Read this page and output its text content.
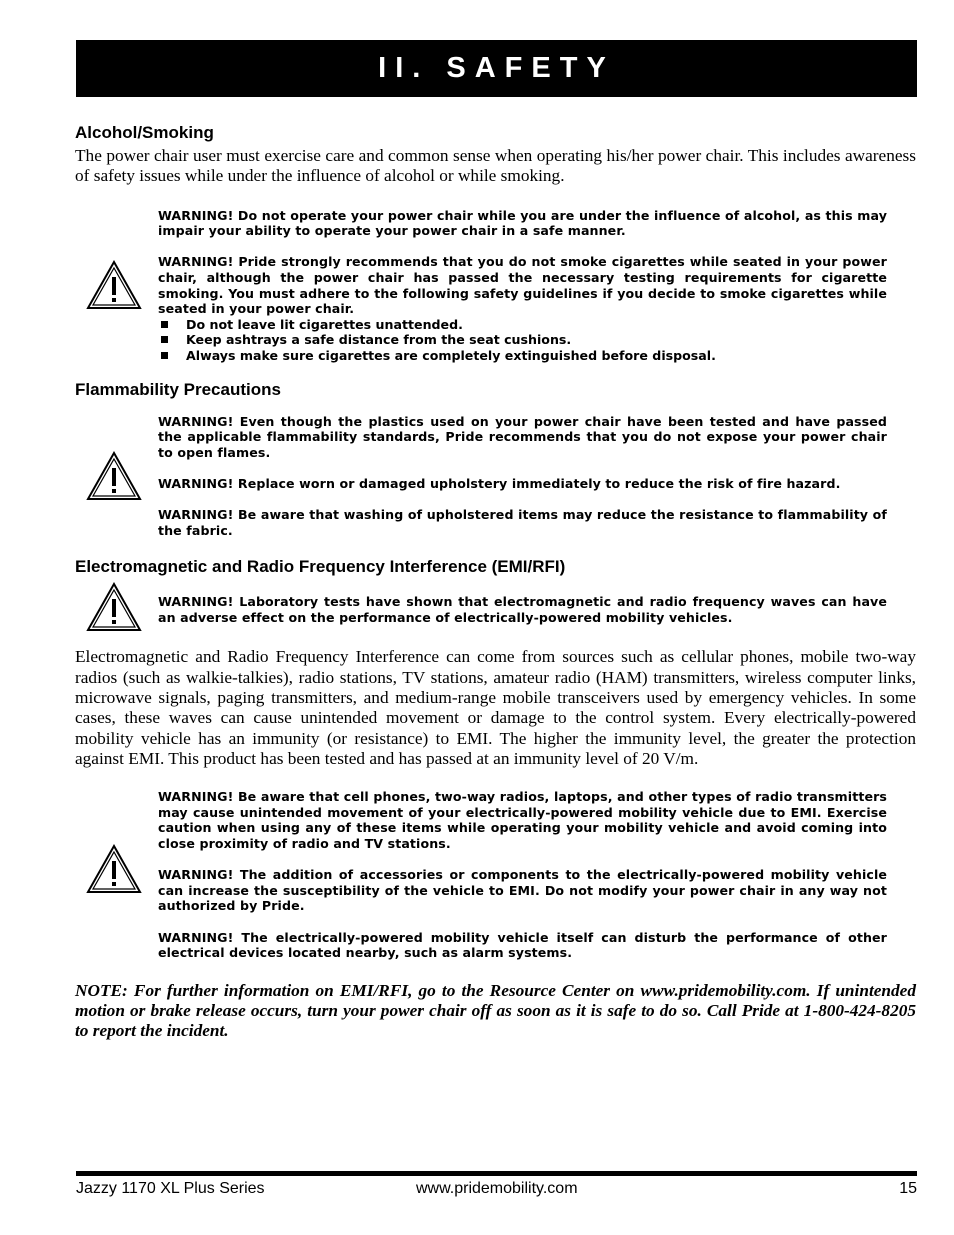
II. SAFETY
Alcohol/Smoking

The power chair user must exercise care and common sense when operating his/her power chair. This includes awareness of safety issues while under the influence of alcohol or while smoking.

WARNING! Do not operate your power chair while you are under the influence of alcohol, as this may impair your ability to operate your power chair in a safe manner.

WARNING! Pride strongly recommends that you do not smoke cigarettes while seated in your power chair, although the power chair has passed the necessary testing requirements for cigarette smoking. You must adhere to the following safety guidelines if you decide to smoke cigarettes while seated in your power chair.

Do not leave lit cigarettes unattended.
Keep ashtrays a safe distance from the seat cushions.
Always make sure cigarettes are completely extinguished before disposal.
Flammability Precautions

WARNING! Even though the plastics used on your power chair have been tested and have passed the applicable flammability standards, Pride recommends that you do not expose your power chair to open flames.

WARNING! Replace worn or damaged upholstery immediately to reduce the risk of fire hazard.

WARNING! Be aware that washing of upholstered items may reduce the resistance to flammability of the fabric.

Electromagnetic and Radio Frequency Interference (EMI/RFI)

WARNING! Laboratory tests have shown that electromagnetic and radio frequency waves can have an adverse effect on the performance of electrically-powered mobility vehicles.

Electromagnetic and Radio Frequency Interference can come from sources such as cellular phones, mobile two-way radios (such as walkie-talkies), radio stations, TV stations, amateur radio (HAM) transmitters, wireless computer links, microwave signals, paging transmitters, and medium-range mobile transceivers used by emergency vehicles. In some cases, these waves can cause unintended movement or damage to the control system. Every electrically-powered mobility vehicle has an immunity (or resistance) to EMI. The higher the immunity level, the greater the protection against EMI. This product has been tested and has passed at an immunity level of 20 V/m.

WARNING! Be aware that cell phones, two-way radios, laptops, and other types of radio transmitters may cause unintended movement of your electrically-powered mobility vehicle due to EMI. Exercise caution when using any of these items while operating your mobility vehicle and avoid coming into close proximity of radio and TV stations.

WARNING! The addition of accessories or components to the electrically-powered mobility vehicle can increase the susceptibility of the vehicle to EMI. Do not modify your power chair in any way not authorized by Pride.

WARNING! The electrically-powered mobility vehicle itself can disturb the performance of other electrical devices located nearby, such as alarm systems.

NOTE: For further information on EMI/RFI, go to the Resource Center on www.pridemobility.com. If unintended motion or brake release occurs, turn your power chair off as soon as it is safe to do so. Call Pride at 1-800-424-8205 to report the incident.

Jazzy 1170 XL Plus Series	www.pridemobility.com	15
